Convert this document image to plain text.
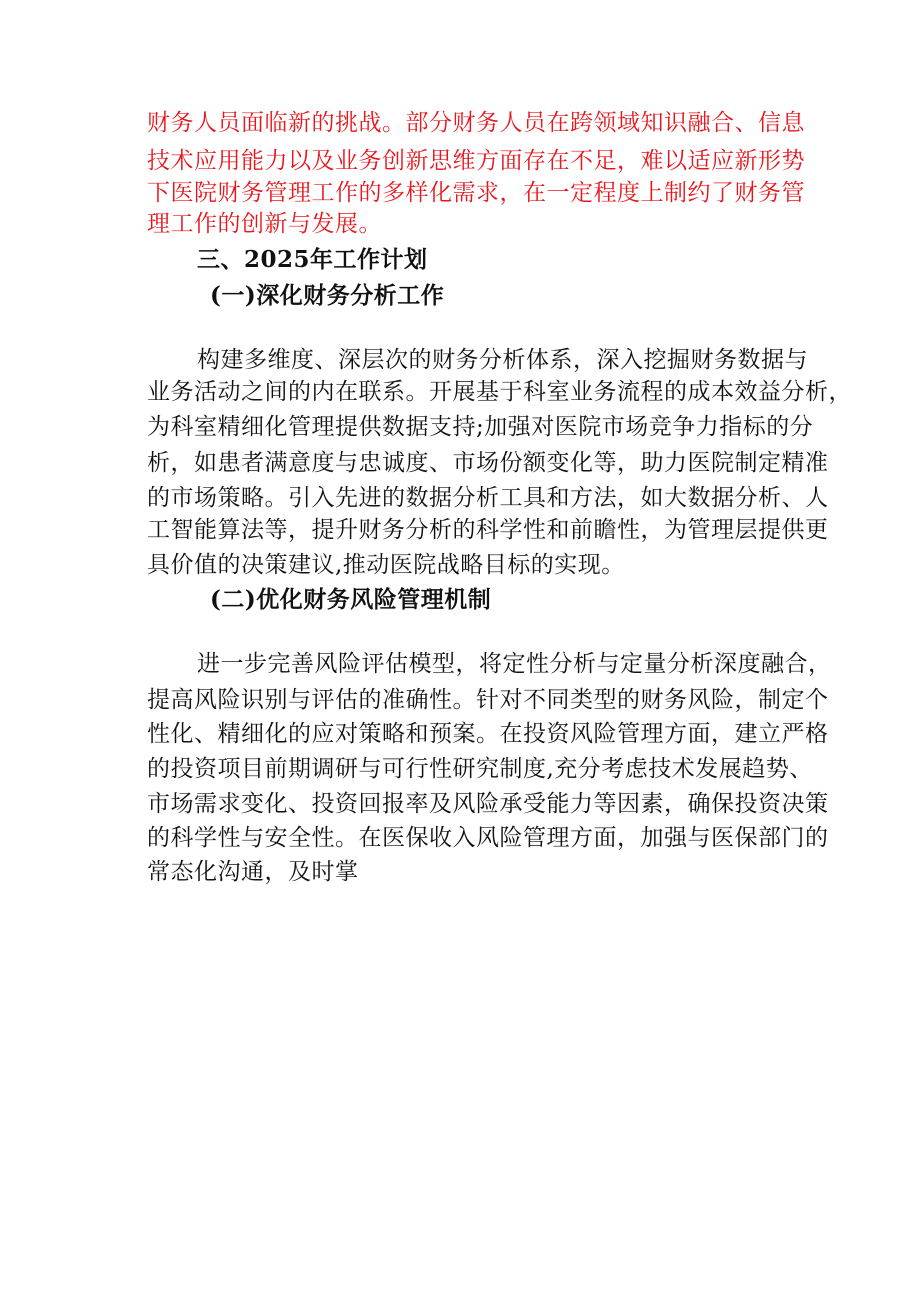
财务人员面临新的挑战。部分财务人员在跨领域知识融合、信息
技术应用能力以及业务创新思维方面存在不足，难以适应新形势
下医院财务管理工作的多样化需求，在一定程度上制约了财务管
理工作的创新与发展。
三、2025年工作计划
(一)深化财务分析工作
构建多维度、深层次的财务分析体系，深入挖掘财务数据与
业务活动之间的内在联系。开展基于科室业务流程的成本效益分析，
为科室精细化管理提供数据支持;加强对医院市场竞争力指标的分
析，如患者满意度与忠诚度、市场份额变化等，助力医院制定精准
的市场策略。引入先进的数据分析工具和方法，如大数据分析、人
工智能算法等，提升财务分析的科学性和前瞻性，为管理层提供更
具价值的决策建议,推动医院战略目标的实现。
(二)优化财务风险管理机制
进一步完善风险评估模型，将定性分析与定量分析深度融合，
提高风险识别与评估的准确性。针对不同类型的财务风险，制定个
性化、精细化的应对策略和预案。在投资风险管理方面，建立严格
的投资项目前期调研与可行性研究制度,充分考虑技术发展趋势、
市场需求变化、投资回报率及风险承受能力等因素，确保投资决策
的科学性与安全性。在医保收入风险管理方面，加强与医保部门的
常态化沟通，及时掌
